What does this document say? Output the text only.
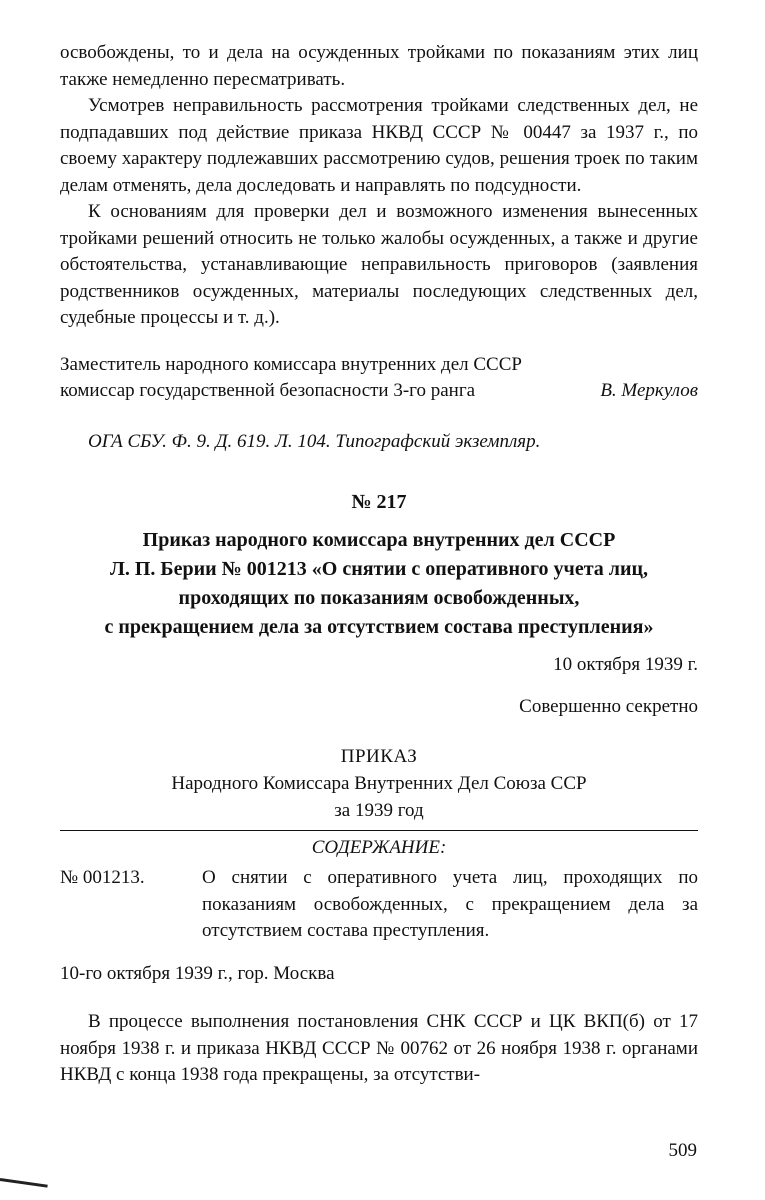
освобождены, то и дела на осужденных тройками по показаниям этих лиц также немедленно пересматривать.

Усмотрев неправильность рассмотрения тройками следственных дел, не подпадавших под действие приказа НКВД СССР № 00447 за 1937 г., по своему характеру подлежавших рассмотрению судов, решения троек по таким делам отменять, дела доследовать и направлять по подсудности.

К основаниям для проверки дел и возможного изменения вынесенных тройками решений относить не только жалобы осужденных, а также и другие обстоятельства, устанавливающие неправильность приговоров (заявления родственников осужденных, материалы последующих следственных дел, судебные процессы и т. д.).

Заместитель народного комиссара внутренних дел СССР
комиссар государственной безопасности 3-го ранга	В. Меркулов
ОГА СБУ. Ф. 9. Д. 619. Л. 104. Типографский экземпляр.
№ 217
Приказ народного комиссара внутренних дел СССР
Л. П. Берии № 001213 «О снятии с оперативного учета лиц,
проходящих по показаниям освобожденных,
с прекращением дела за отсутствием состава преступления»
10 октября 1939 г.
Совершенно секретно
ПРИКАЗ
Народного Комиссара Внутренних Дел Союза ССР
за 1939 год
СОДЕРЖАНИЕ:
№ 001213.	О снятии с оперативного учета лиц, проходящих по показаниям освобожденных, с прекращением дела за отсутствием состава преступления.
10-го октября 1939 г., гор. Москва

В процессе выполнения постановления СНК СССР и ЦК ВКП(б) от 17 ноября 1938 г. и приказа НКВД СССР № 00762 от 26 ноября 1938 г. органами НКВД с конца 1938 года прекращены, за отсутстви-

509
